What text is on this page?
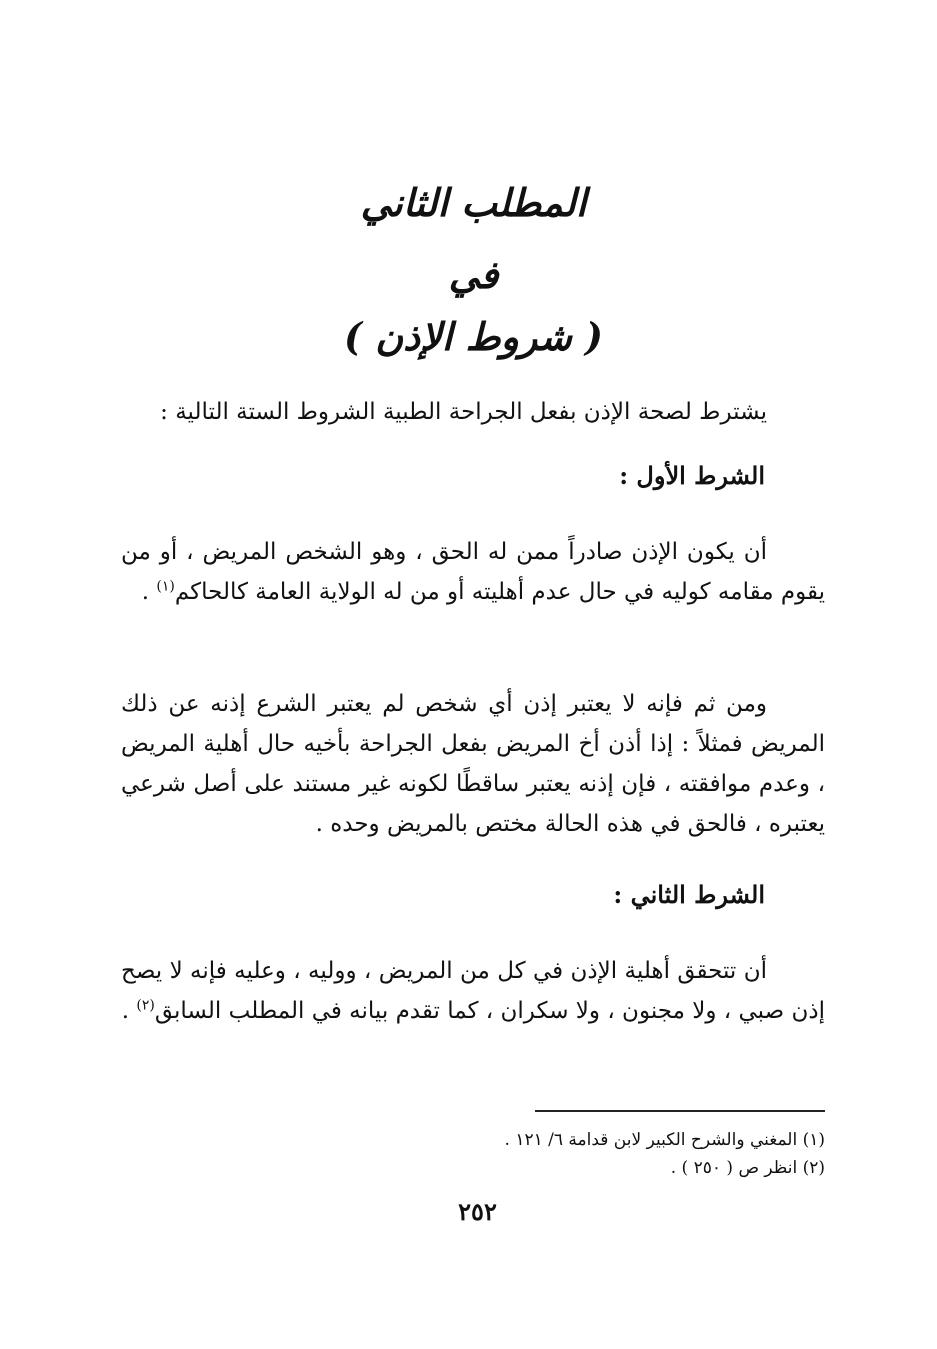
المطلب الثاني
في
( شروط الإذن )
يشترط لصحة الإذن بفعل الجراحة الطبية الشروط الستة التالية :
الشرط الأول :
أن يكون الإذن صادراً ممن له الحق ، وهو الشخص المريض ، أو من يقوم مقامه كوليه في حال عدم أهليته أو من له الولاية العامة كالحاكم$^{(١)}$ .
ومن ثم فإنه لا يعتبر إذن أي شخص لم يعتبر الشرع إذنه عن ذلك المريض فمثلاً : إذا أذن أخ المريض بفعل الجراحة بأخيه حال أهلية المريض ، وعدم موافقته ، فإن إذنه يعتبر ساقطًا لكونه غير مستند على أصل شرعي يعتبره ، فالحق في هذه الحالة مختص بالمريض وحده .
الشرط الثاني :
أن تتحقق أهلية الإذن في كل من المريض ، ووليه ، وعليه فإنه لا يصح إذن صبي ، ولا مجنون ، ولا سكران ، كما تقدم بيانه في المطلب السابق$^{(٢)}$ .
(١) المغني والشرح الكبير لابن قدامة ٦/ ١٢١ .
(٢) انظر ص ( ٢٥٠ ) .
٢٥٢
